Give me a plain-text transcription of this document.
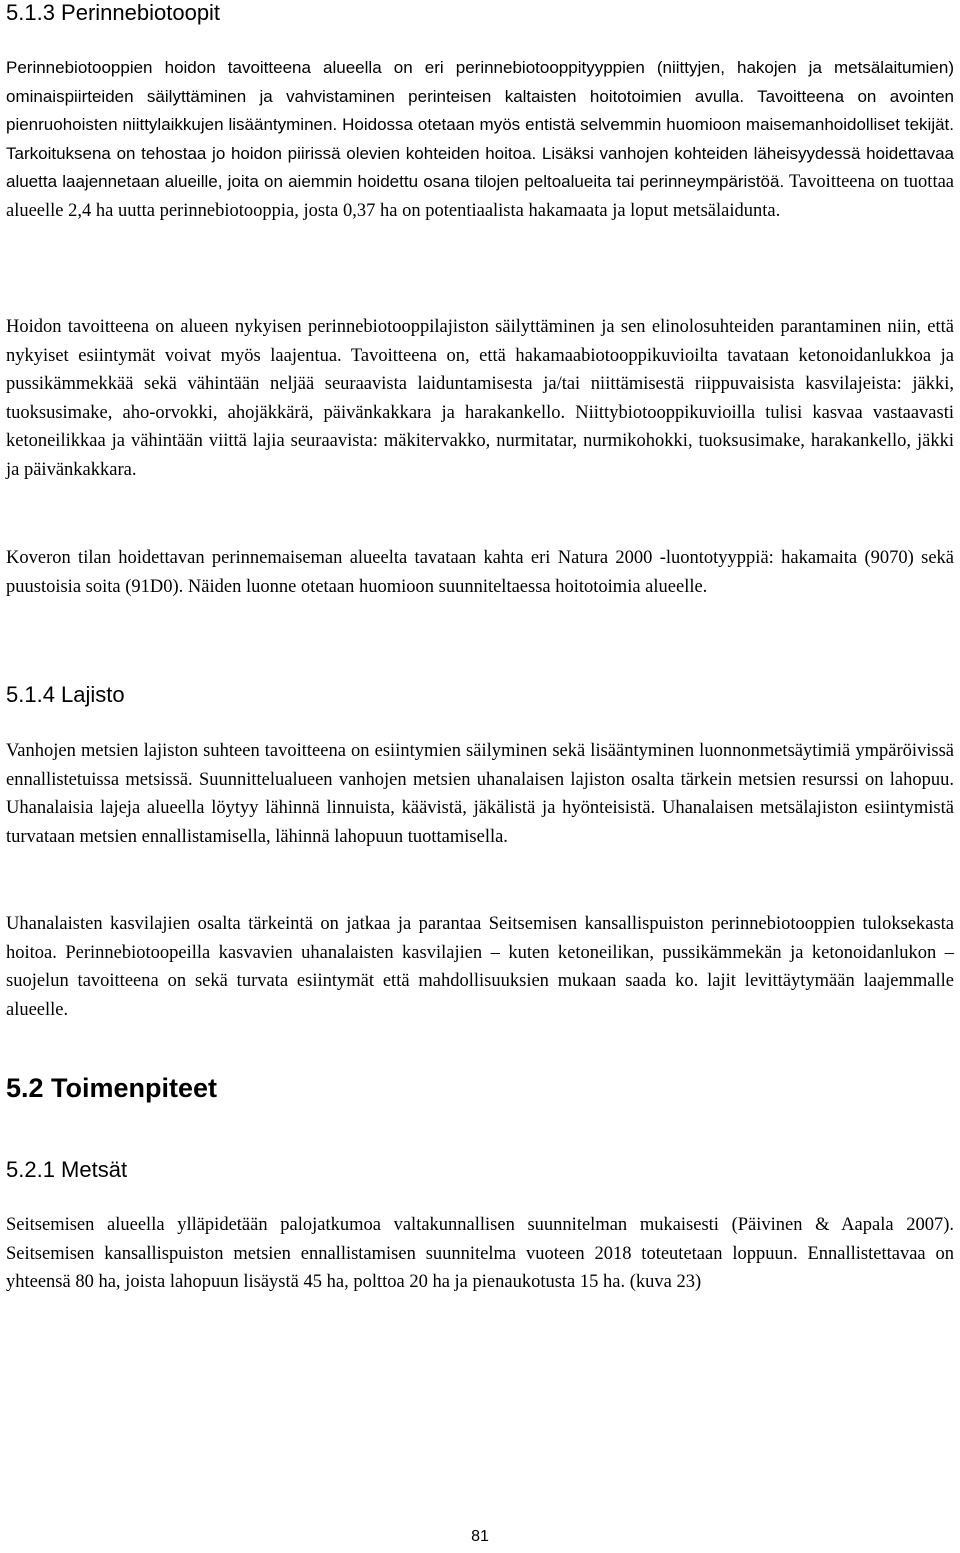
5.1.3 Perinnebiotoopit

Perinnebiotooppien hoidon tavoitteena alueella on eri perinnebiotooppityyppien (niittyjen, hakojen ja metsälaitumien) ominaispiirteiden säilyttäminen ja vahvistaminen perinteisen kaltaisten hoitotoimien avulla. Tavoitteena on avointen pienruohoisten niittylaikkujen lisääntyminen. Hoidossa otetaan myös entistä selvemmin huomioon maisemanhoidolliset tekijät. Tarkoituksena on tehostaa jo hoidon piirissä olevien kohteiden hoitoa. Lisäksi vanhojen kohteiden läheisyydessä hoidettavaa aluetta laajennetaan alueille, joita on aiemmin hoidettu osana tilojen peltoalueita tai perinneympäristöä. Tavoitteena on tuottaa alueelle 2,4 ha uutta perinnebiotooppia, josta 0,37 ha on potentiaalista hakamaata ja loput metsälaidunta.

Hoidon tavoitteena on alueen nykyisen perinnebiotooppilajiston säilyttäminen ja sen elinolosuhteiden parantaminen niin, että nykyiset esiintymät voivat myös laajentua. Tavoitteena on, että hakamaabiotooppikuvioilta tavataan ketonoidanlukkoa ja pussikämmekkää sekä vähintään neljää seuraavista laiduntamisesta ja/tai niittämisestä riippuvaisista kasvilajeista: jäkki, tuoksusimake, aho-orvokki, ahojäkkärä, päivänkakkara ja harakankello. Niittybiotooppikuvioilla tulisi kasvaa vastaavasti ketoneilikkaa ja vähintään viittä lajia seuraavista: mäkitervakko, nurmitatar, nurmikohokki, tuoksusimake, harakankello, jäkki ja päivänkakkara.

Koveron tilan hoidettavan perinnemaiseman alueelta tavataan kahta eri Natura 2000 -luontotyyppiä: hakamaita (9070) sekä puustoisia soita (91D0). Näiden luonne otetaan huomioon suunniteltaessa hoitotoimia alueelle.

5.1.4 Lajisto

Vanhojen metsien lajiston suhteen tavoitteena on esiintymien säilyminen sekä lisääntyminen luonnonmetsäytimiä ympäröivissä ennallistetuissa metsissä. Suunnittelualueen vanhojen metsien uhanalaisen lajiston osalta tärkein metsien resurssi on lahopuu. Uhanalaisia lajeja alueella löytyy lähinnä linnuista, käävistä, jäkälistä ja hyönteisistä. Uhanalaisen metsälajiston esiintymistä turvataan metsien ennallistamisella, lähinnä lahopuun tuottamisella.

Uhanalaisten kasvilajien osalta tärkeintä on jatkaa ja parantaa Seitsemisen kansallispuiston perinnebiotooppien tuloksekasta hoitoa. Perinnebiotoopeilla kasvavien uhanalaisten kasvilajien – kuten ketoneilikan, pussikämmekän ja ketonoidanlukon – suojelun tavoitteena on sekä turvata esiintymät että mahdollisuuksien mukaan saada ko. lajit levittäytymään laajemmalle alueelle.

5.2 Toimenpiteet
5.2.1 Metsät

Seitsemisen alueella ylläpidetään palojatkumoa valtakunnallisen suunnitelman mukaisesti (Päivinen & Aapala 2007). Seitsemisen kansallispuiston metsien ennallistamisen suunnitelma vuoteen 2018 toteutetaan loppuun. Ennallistettavaa on yhteensä 80 ha, joista lahopuun lisäystä 45 ha, polttoa 20 ha ja pienaukotusta 15 ha. (kuva 23)

81
